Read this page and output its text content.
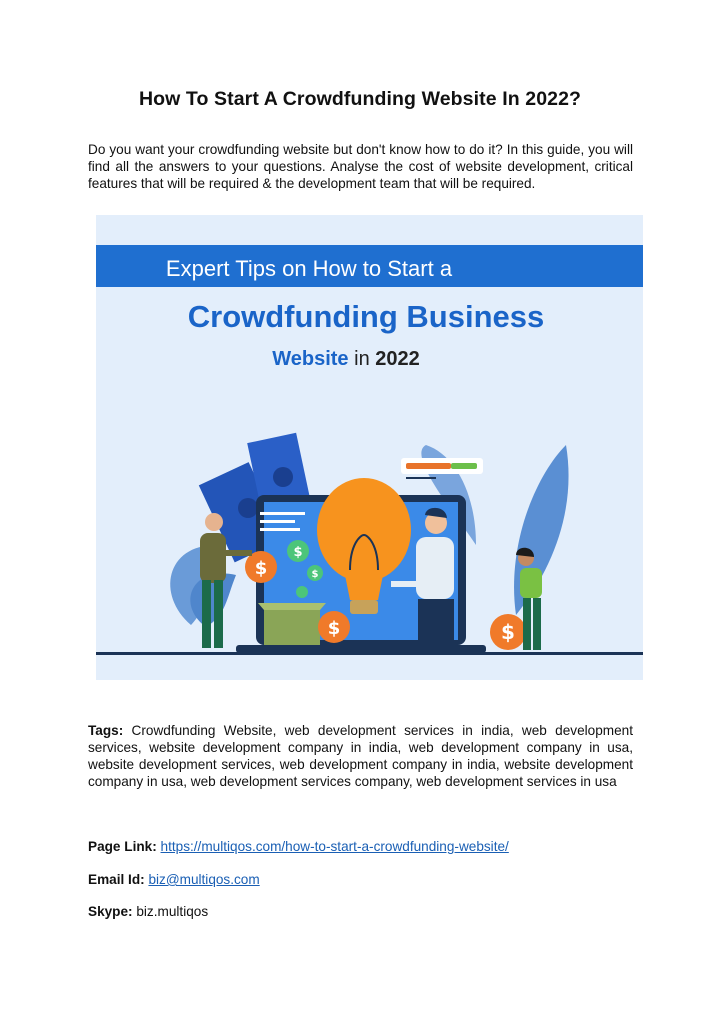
How To Start A Crowdfunding Website In 2022?

Do you want your crowdfunding website but don't know how to do it? In this guide, you will find all the answers to your questions. Analyse the cost of website development, critical features that will be required & the development team that will be required.

Expert Tips on How to Start a
Crowdfunding Business
Website in 2022
$
$	$
$
$

Tags: Crowdfunding Website, web development services in india, web development services, website development company in india, web development company in usa, website development services, web development company in india, website development company in usa, web development services company, web development services in usa

Page Link: https://multiqos.com/how-to-start-a-crowdfunding-website/
Email Id: biz@multiqos.com
Skype: biz.multiqos
